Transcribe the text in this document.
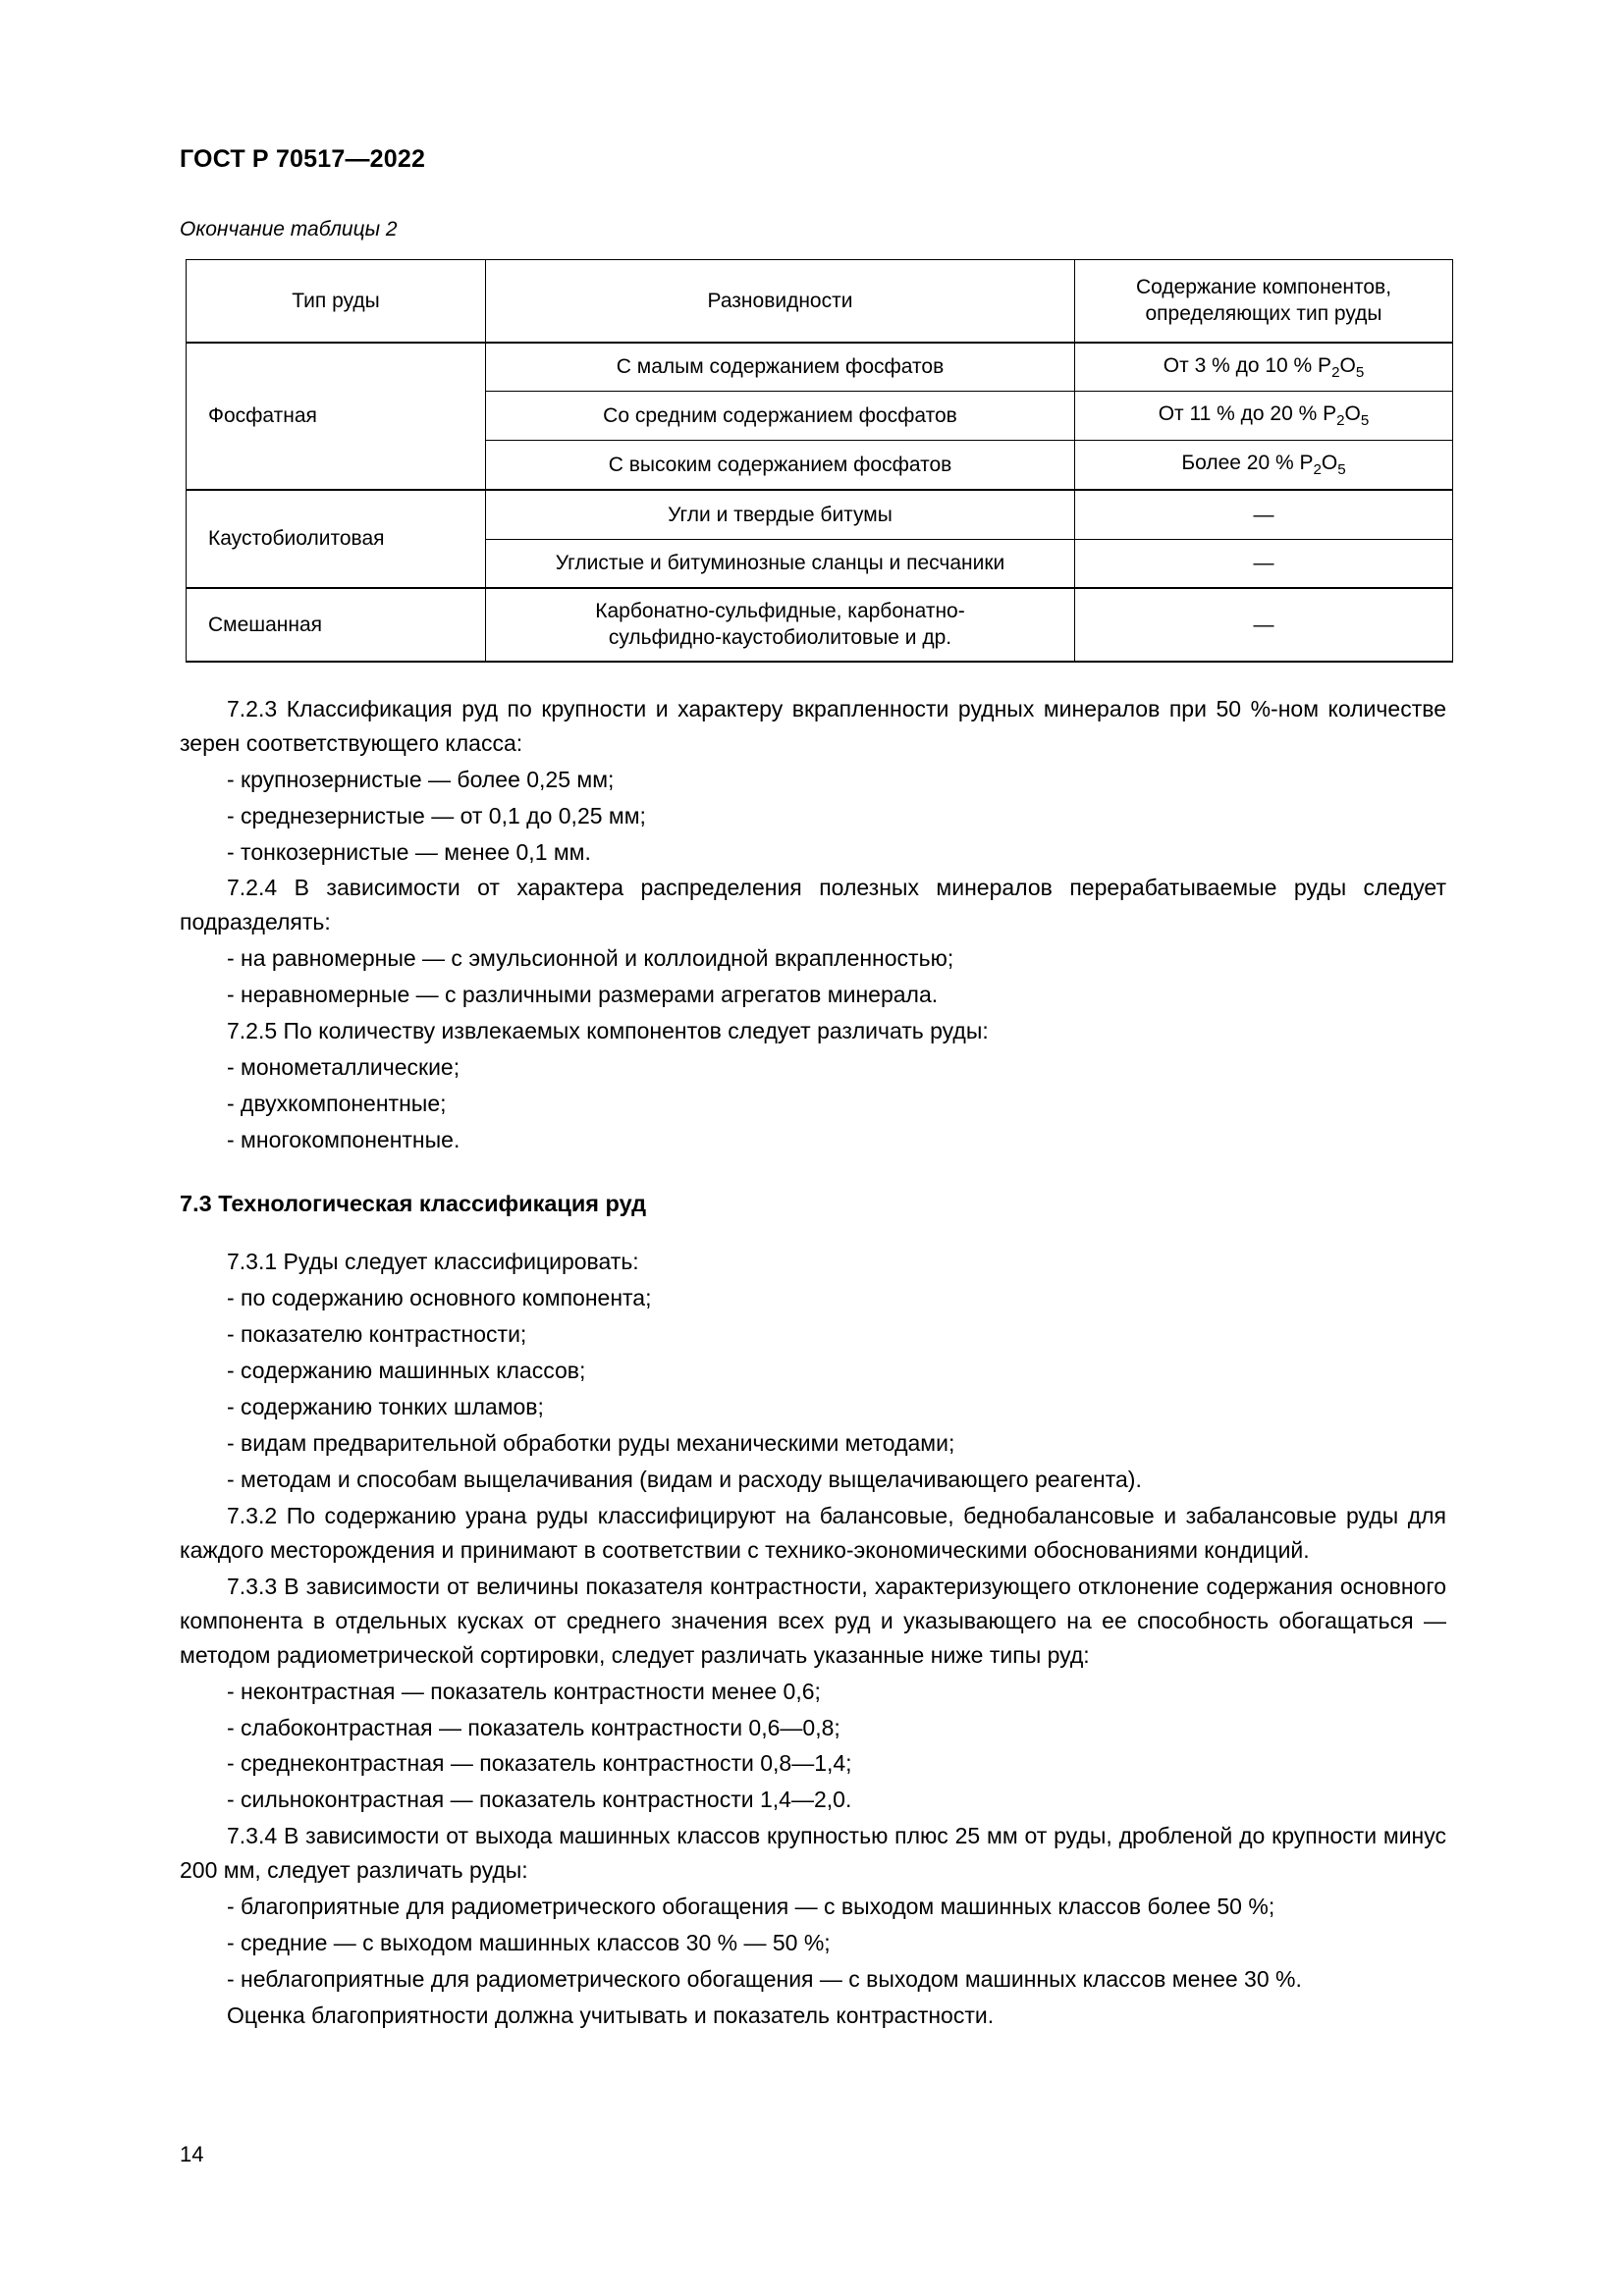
ГОСТ Р 70517—2022

Окончание таблицы 2

Тип руды	Разновидности	Содержание компонентов,
определяющих тип руды
Фосфатная	С малым содержанием фосфатов	От 3 % до 10 % $P_2O_5$
	Со средним содержанием фосфатов	От 11 % до 20 % $P_2O_5$
	С высоким содержанием фосфатов	Более 20 % $P_2O_5$
Каустобиолитовая	Угли и твердые битумы	—
	Углистые и битуминозные сланцы и песчаники	—
Смешанная	Карбонатно-сульфидные, карбонатно-
сульфидно-каустобиолитовые и др.	—

7.2.3 Классификация руд по крупности и характеру вкрапленности рудных минералов при 50 %-ном количестве зерен соответствующего класса:

- крупнозернистые — более 0,25 мм;

- среднезернистые — от 0,1 до 0,25 мм;

- тонкозернистые — менее 0,1 мм.

7.2.4 В зависимости от характера распределения полезных минералов перерабатываемые руды следует подразделять:

- на равномерные — с эмульсионной и коллоидной вкрапленностью;

- неравномерные — с различными размерами агрегатов минерала.

7.2.5 По количеству извлекаемых компонентов следует различать руды:

- монометаллические;

- двухкомпонентные;

- многокомпонентные.

7.3 Технологическая классификация руд

7.3.1 Руды следует классифицировать:

- по содержанию основного компонента;

- показателю контрастности;

- содержанию машинных классов;

- содержанию тонких шламов;

- видам предварительной обработки руды механическими методами;

- методам и способам выщелачивания (видам и расходу выщелачивающего реагента).

7.3.2 По содержанию урана руды классифицируют на балансовые, беднобалансовые и забалансовые руды для каждого месторождения и принимают в соответствии с технико-экономическими обоснованиями кондиций.

7.3.3 В зависимости от величины показателя контрастности, характеризующего отклонение содержания основного компонента в отдельных кусках от среднего значения всех руд и указывающего на ее способность обогащаться — методом радиометрической сортировки, следует различать указанные ниже типы руд:

- неконтрастная — показатель контрастности менее 0,6;

- слабоконтрастная — показатель контрастности 0,6—0,8;

- среднеконтрастная — показатель контрастности 0,8—1,4;

- сильноконтрастная — показатель контрастности 1,4—2,0.

7.3.4 В зависимости от выхода машинных классов крупностью плюс 25 мм от руды, дробленой до крупности минус 200 мм, следует различать руды:

- благоприятные для радиометрического обогащения — с выходом машинных классов более 50 %;

- средние — с выходом машинных классов 30 % — 50 %;

- неблагоприятные для радиометрического обогащения — с выходом машинных классов менее 30 %.

Оценка благоприятности должна учитывать и показатель контрастности.

14
